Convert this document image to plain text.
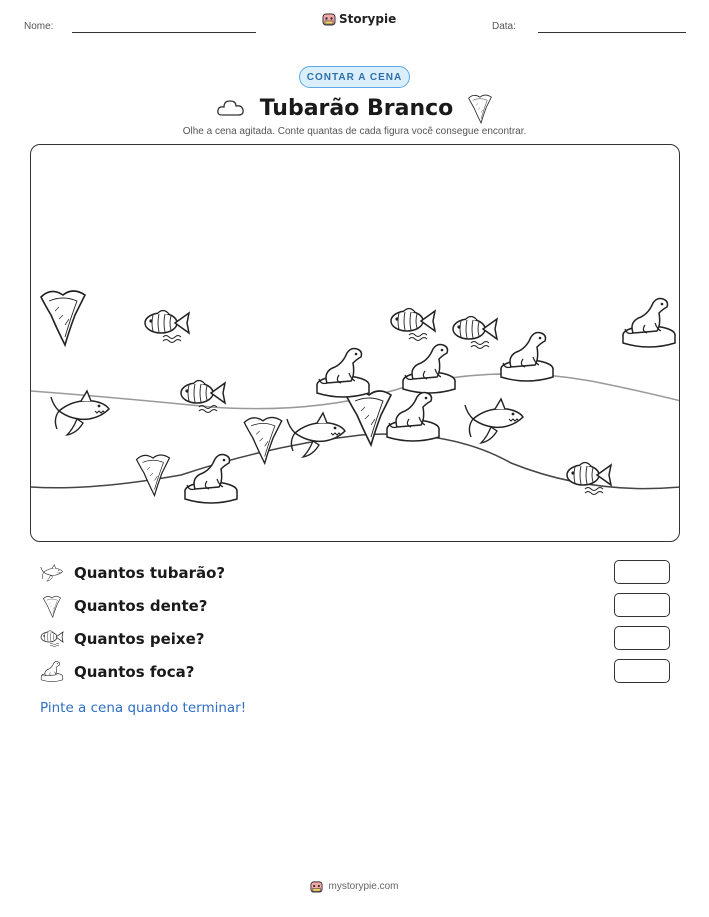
Nome:
Storypie
Data:
CONTAR A CENA
Tubarão Branco
Olhe a cena agitada. Conte quantas de cada figura você consegue encontrar.
Quantos tubarão?
Quantos dente?
Quantos peixe?
Quantos foca?
Pinte a cena quando terminar!
mystorypie.com
